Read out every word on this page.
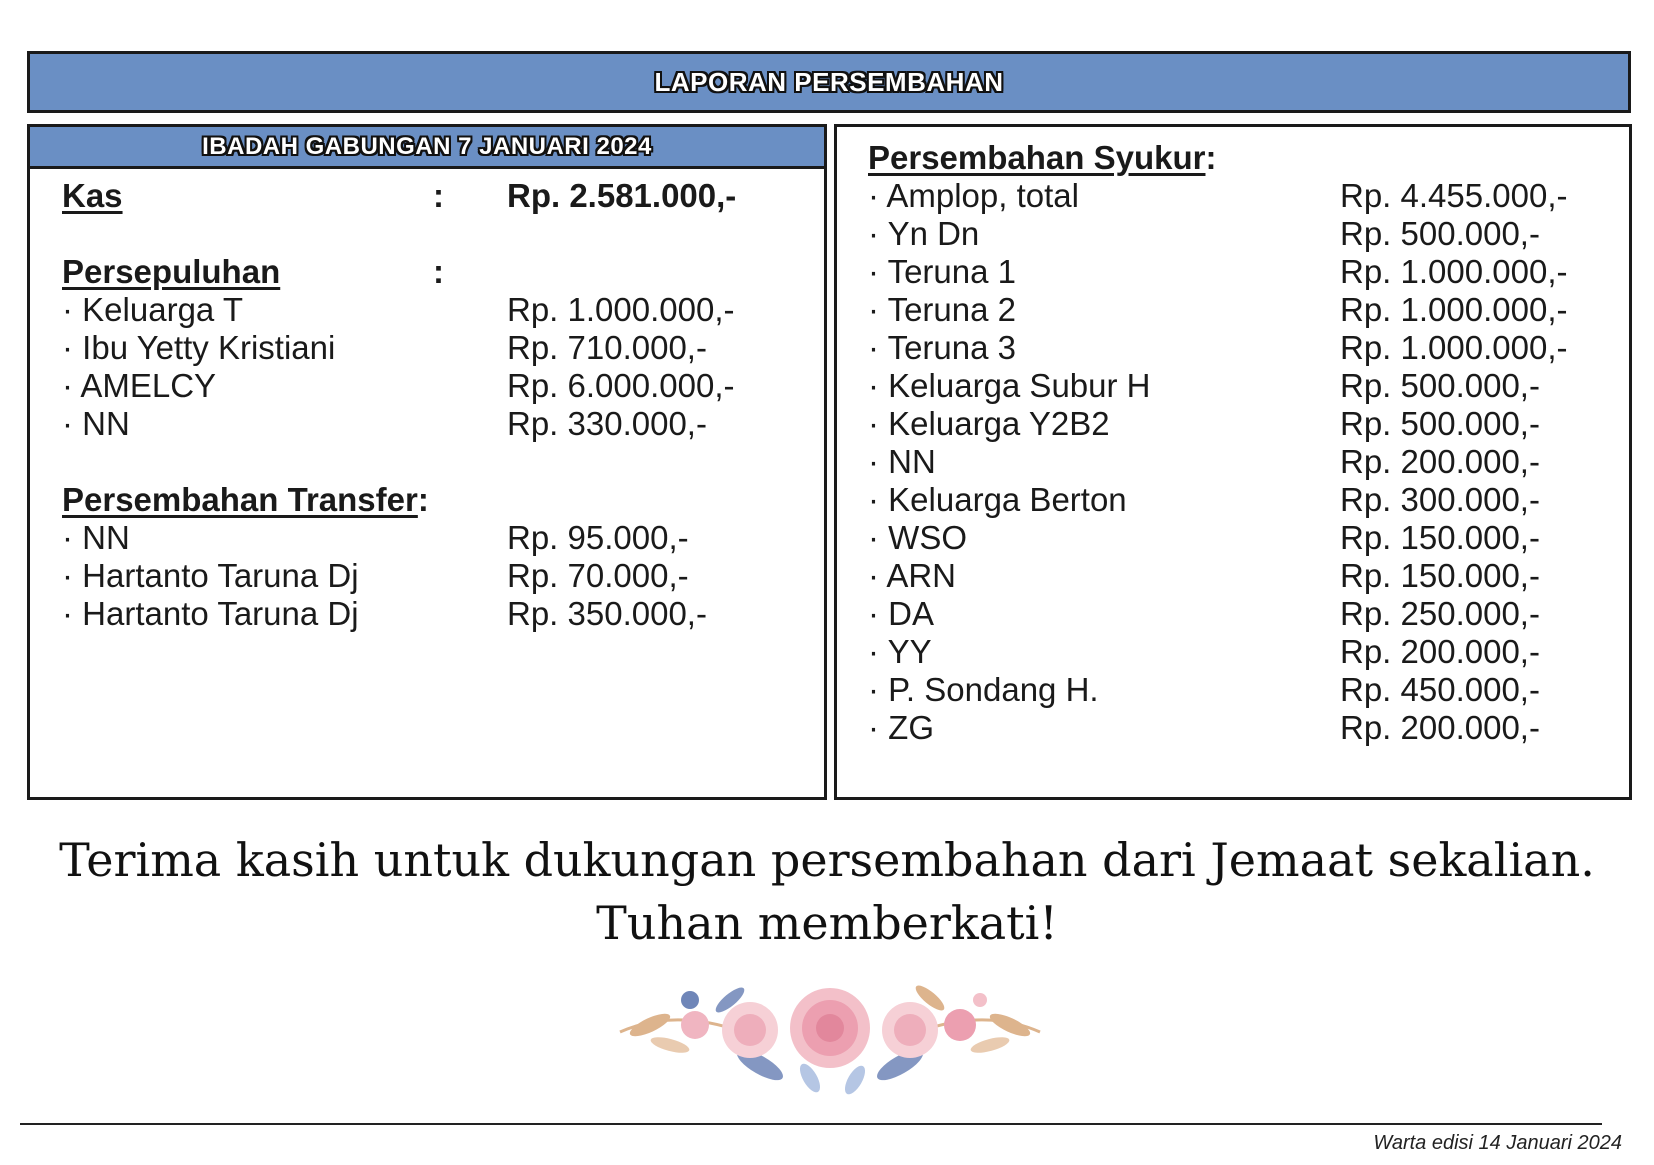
LAPORAN PERSEMBAHAN
IBADAH GABUNGAN 7 JANUARI 2024
Kas	: Rp. 2.581.000,-
Persepuluhan	:
· Keluarga T	Rp. 1.000.000,-
· Ibu Yetty Kristiani	Rp. 710.000,-
· AMELCY	Rp. 6.000.000,-
· NN	Rp. 330.000,-
Persembahan Transfer:
· NN	Rp. 95.000,-
· Hartanto Taruna Dj	Rp. 70.000,-
· Hartanto Taruna Dj	Rp. 350.000,-
Persembahan Syukur:
· Amplop, total	Rp. 4.455.000,-
· Yn Dn	Rp. 500.000,-
· Teruna 1	Rp. 1.000.000,-
· Teruna 2	Rp. 1.000.000,-
· Teruna 3	Rp. 1.000.000,-
· Keluarga Subur H	Rp. 500.000,-
· Keluarga Y2B2	Rp. 500.000,-
· NN	Rp. 200.000,-
· Keluarga Berton	Rp. 300.000,-
· WSO	Rp. 150.000,-
· ARN	Rp. 150.000,-
· DA	Rp. 250.000,-
· YY	Rp. 200.000,-
· P. Sondang H.	Rp. 450.000,-
· ZG	Rp. 200.000,-
Terima kasih untuk dukungan persembahan dari Jemaat sekalian.
Tuhan memberkati!
Warta edisi 14 Januari 2024
